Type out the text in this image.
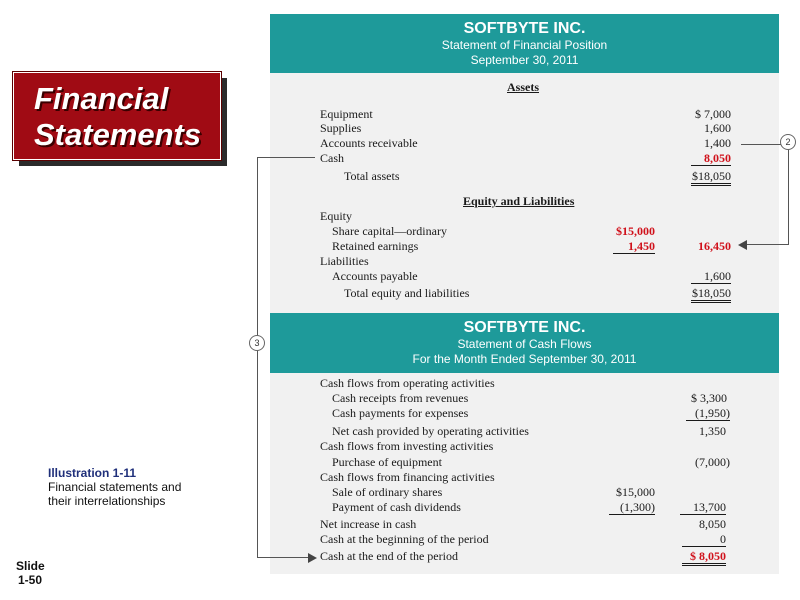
Financial
Statements
SOFTBYTE INC.
Statement of Financial Position
September 30, 2011
Assets
Equipment	$ 7,000
Supplies	1,600
Accounts receivable	1,400
Cash	8,050
Total assets	$18,050
Equity and Liabilities
Equity
Share capital—ordinary	$15,000
Retained earnings	1,450	16,450
Liabilities
Accounts payable	1,600
Total equity and liabilities	$18,050
SOFTBYTE INC.
Statement of Cash Flows
For the Month Ended September 30, 2011
Cash flows from operating activities
Cash receipts from revenues	$ 3,300
Cash payments for expenses	(1,950)
Net cash provided by operating activities	1,350
Cash flows from investing activities
Purchase of equipment	(7,000)
Cash flows from financing activities
Sale of ordinary shares	$15,000
Payment of cash dividends	(1,300)	13,700
Net increase in cash	8,050
Cash at the beginning of the period	0
Cash at the end of the period	$ 8,050
2
3
Illustration 1-11
Financial statements and
their interrelationships
Slide
1-50
